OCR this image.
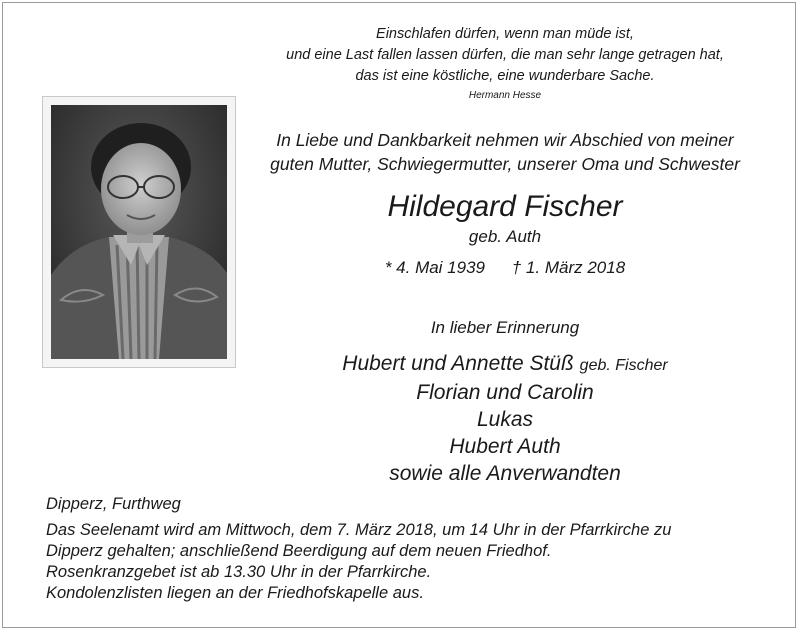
Einschlafen dürfen, wenn man müde ist,
und eine Last fallen lassen dürfen, die man sehr lange getragen hat,
das ist eine köstliche, eine wunderbare Sache.
Hermann Hesse
In Liebe und Dankbarkeit nehmen wir Abschied von meiner
guten Mutter, Schwiegermutter, unserer Oma und Schwester
Hildegard Fischer
geb. Auth
* 4. Mai 1939 † 1. März 2018
In lieber Erinnerung
Hubert und Annette Stüß geb. Fischer
Florian und Carolin
Lukas
Hubert Auth
sowie alle Anverwandten
Dipperz, Furthweg
Das Seelenamt wird am Mittwoch, dem 7. März 2018, um 14 Uhr in der Pfarrkirche zu
Dipperz gehalten; anschließend Beerdigung auf dem neuen Friedhof.
Rosenkranzgebet ist ab 13.30 Uhr in der Pfarrkirche.
Kondolenzlisten liegen an der Friedhofskapelle aus.
